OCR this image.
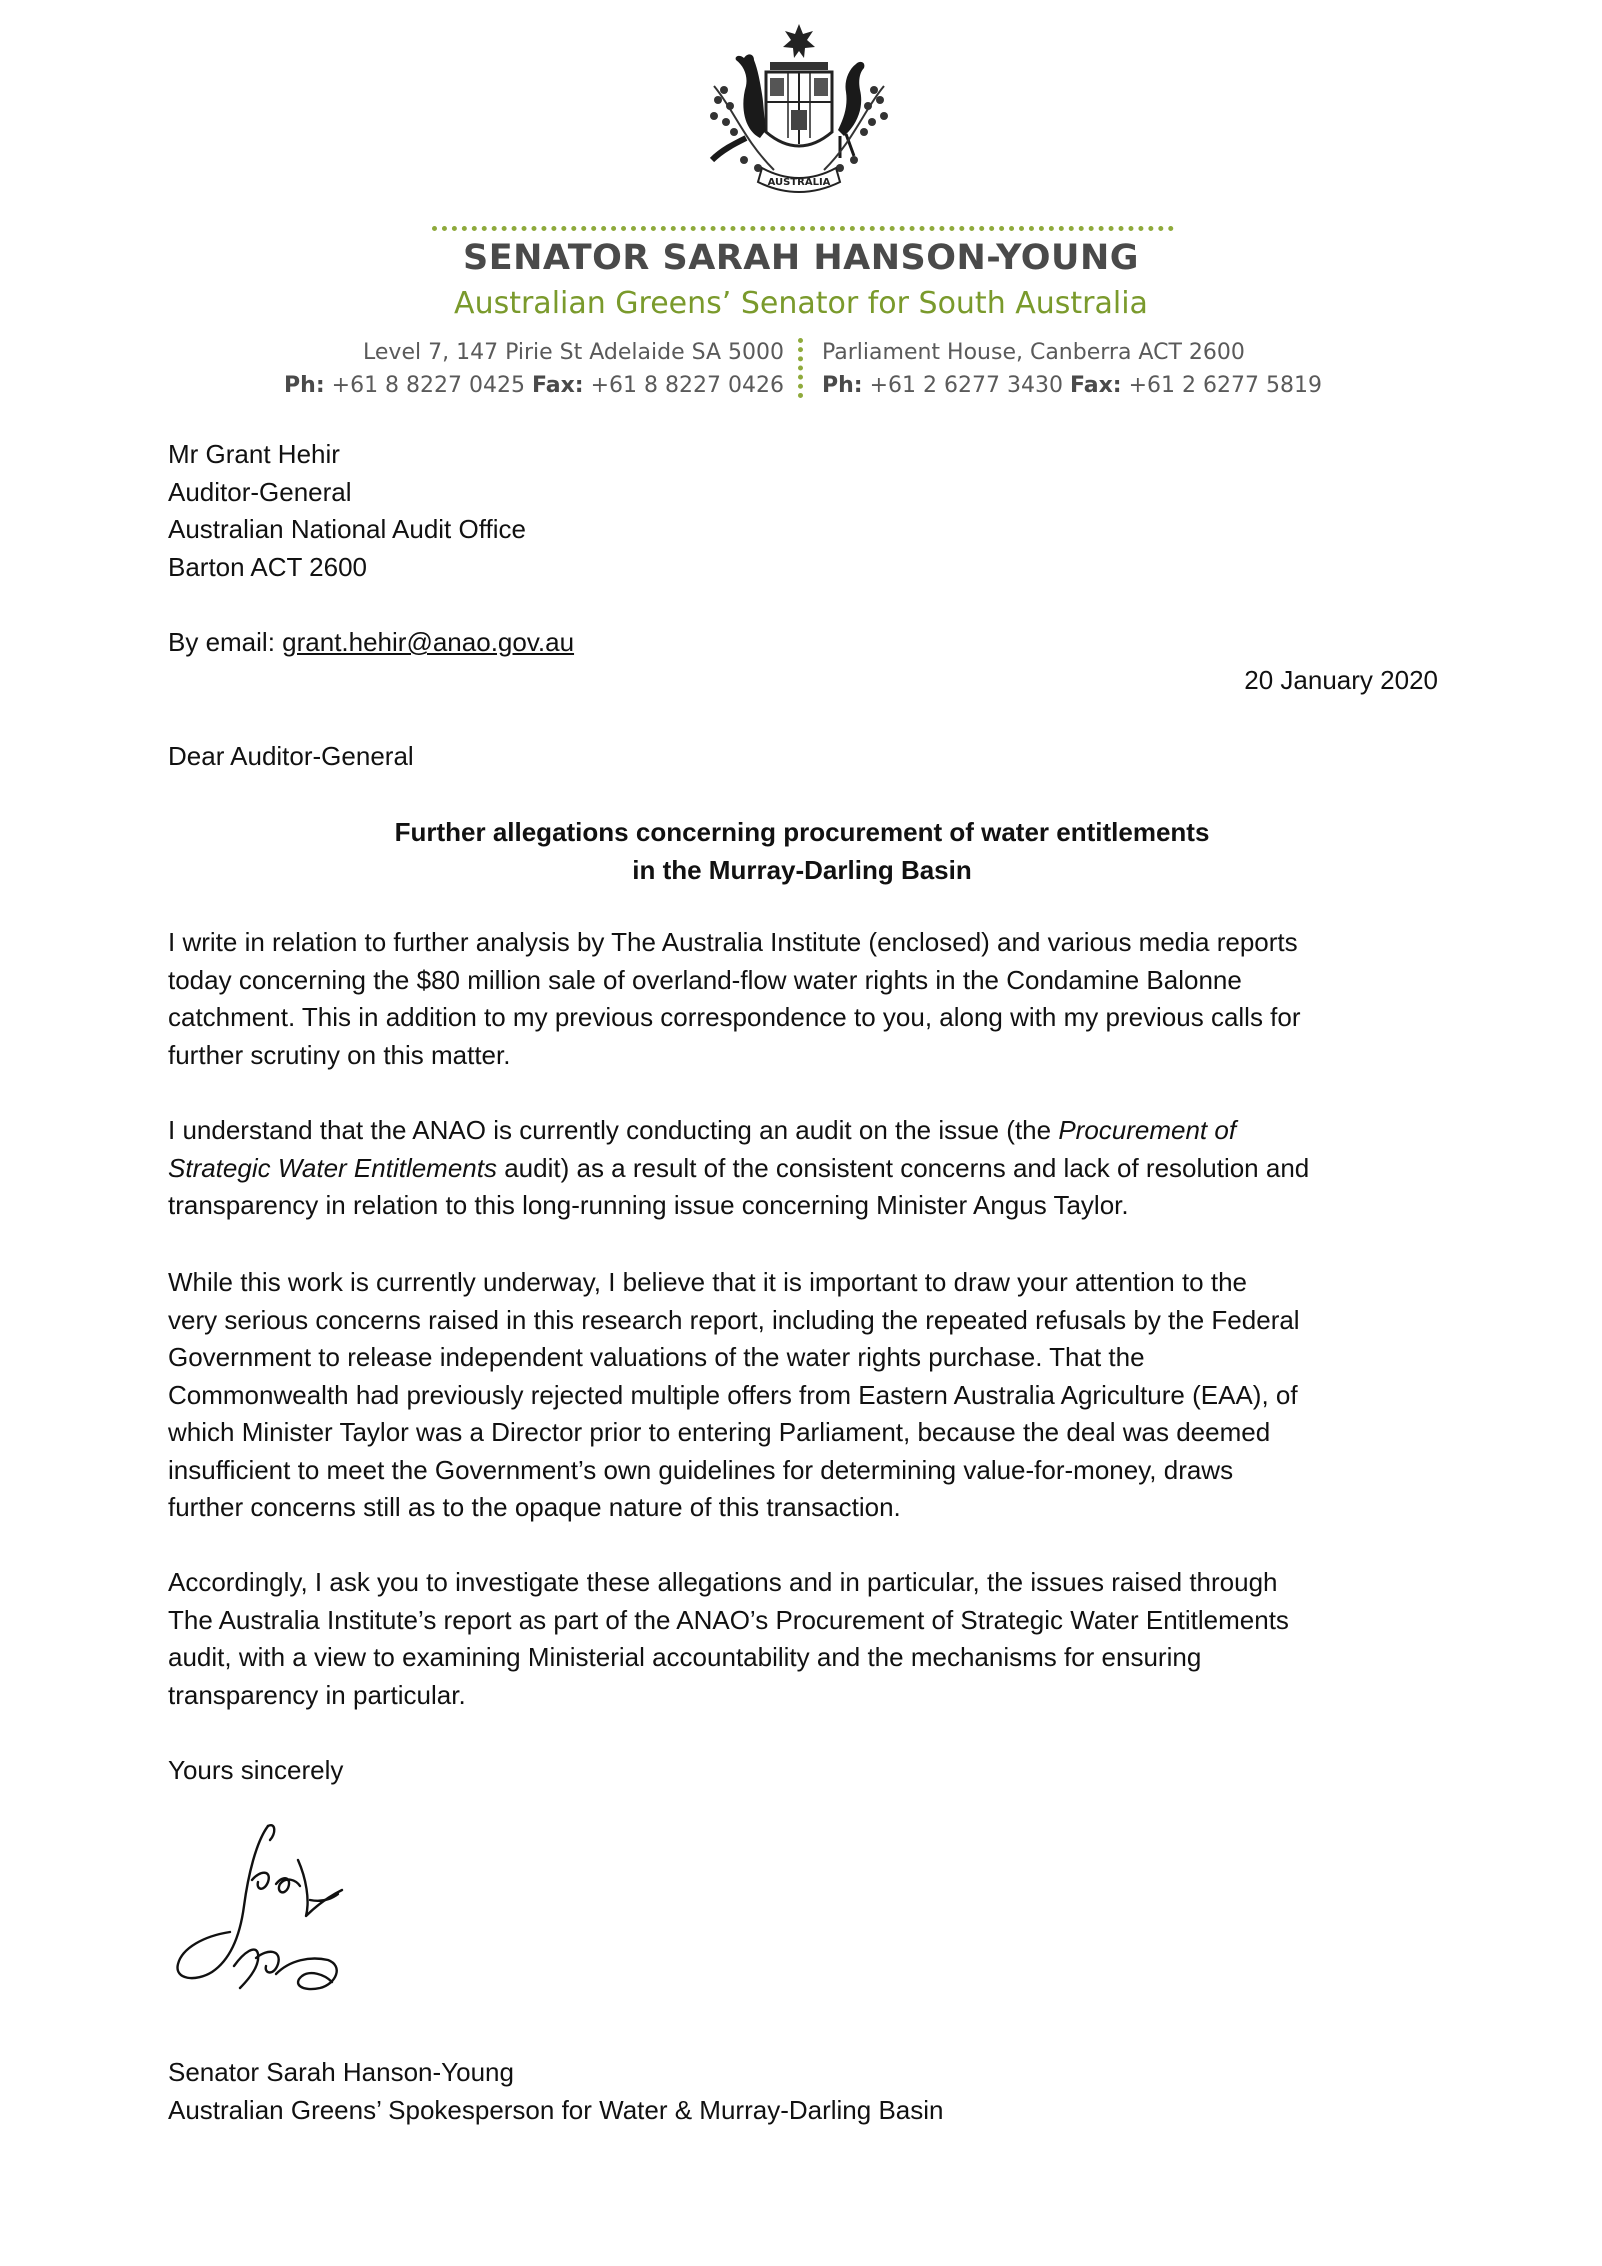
AUSTRALIA
SENATOR SARAH HANSON-YOUNG
Australian Greens’ Senator for South Australia
Level 7, 147 Pirie St Adelaide SA 5000
Ph: +61 8 8227 0425 Fax: +61 8 8227 0426
Parliament House, Canberra ACT 2600
Ph: +61 2 6277 3430 Fax: +61 2 6277 5819

Mr Grant Hehir

Auditor-General

Australian National Audit Office

Barton ACT 2600

By email: grant.hehir@anao.gov.au
20 January 2020
Dear Auditor-General
Further allegations concerning procurement of water entitlements
in the Murray-Darling Basin

I write in relation to further analysis by The Australia Institute (enclosed) and various media reports

today concerning the $80 million sale of overland-flow water rights in the Condamine Balonne

catchment. This in addition to my previous correspondence to you, along with my previous calls for

further scrutiny on this matter.

I understand that the ANAO is currently conducting an audit on the issue (the Procurement of

Strategic Water Entitlements audit) as a result of the consistent concerns and lack of resolution and

transparency in relation to this long-running issue concerning Minister Angus Taylor.

While this work is currently underway, I believe that it is important to draw your attention to the

very serious concerns raised in this research report, including the repeated refusals by the Federal

Government to release independent valuations of the water rights purchase. That the

Commonwealth had previously rejected multiple offers from Eastern Australia Agriculture (EAA), of

which Minister Taylor was a Director prior to entering Parliament, because the deal was deemed

insufficient to meet the Government’s own guidelines for determining value-for-money, draws

further concerns still as to the opaque nature of this transaction.

Accordingly, I ask you to investigate these allegations and in particular, the issues raised through

The Australia Institute’s report as part of the ANAO’s Procurement of Strategic Water Entitlements

audit, with a view to examining Ministerial accountability and the mechanisms for ensuring

transparency in particular.

Yours sincerely

Senator Sarah Hanson-Young

Australian Greens’ Spokesperson for Water & Murray-Darling Basin
